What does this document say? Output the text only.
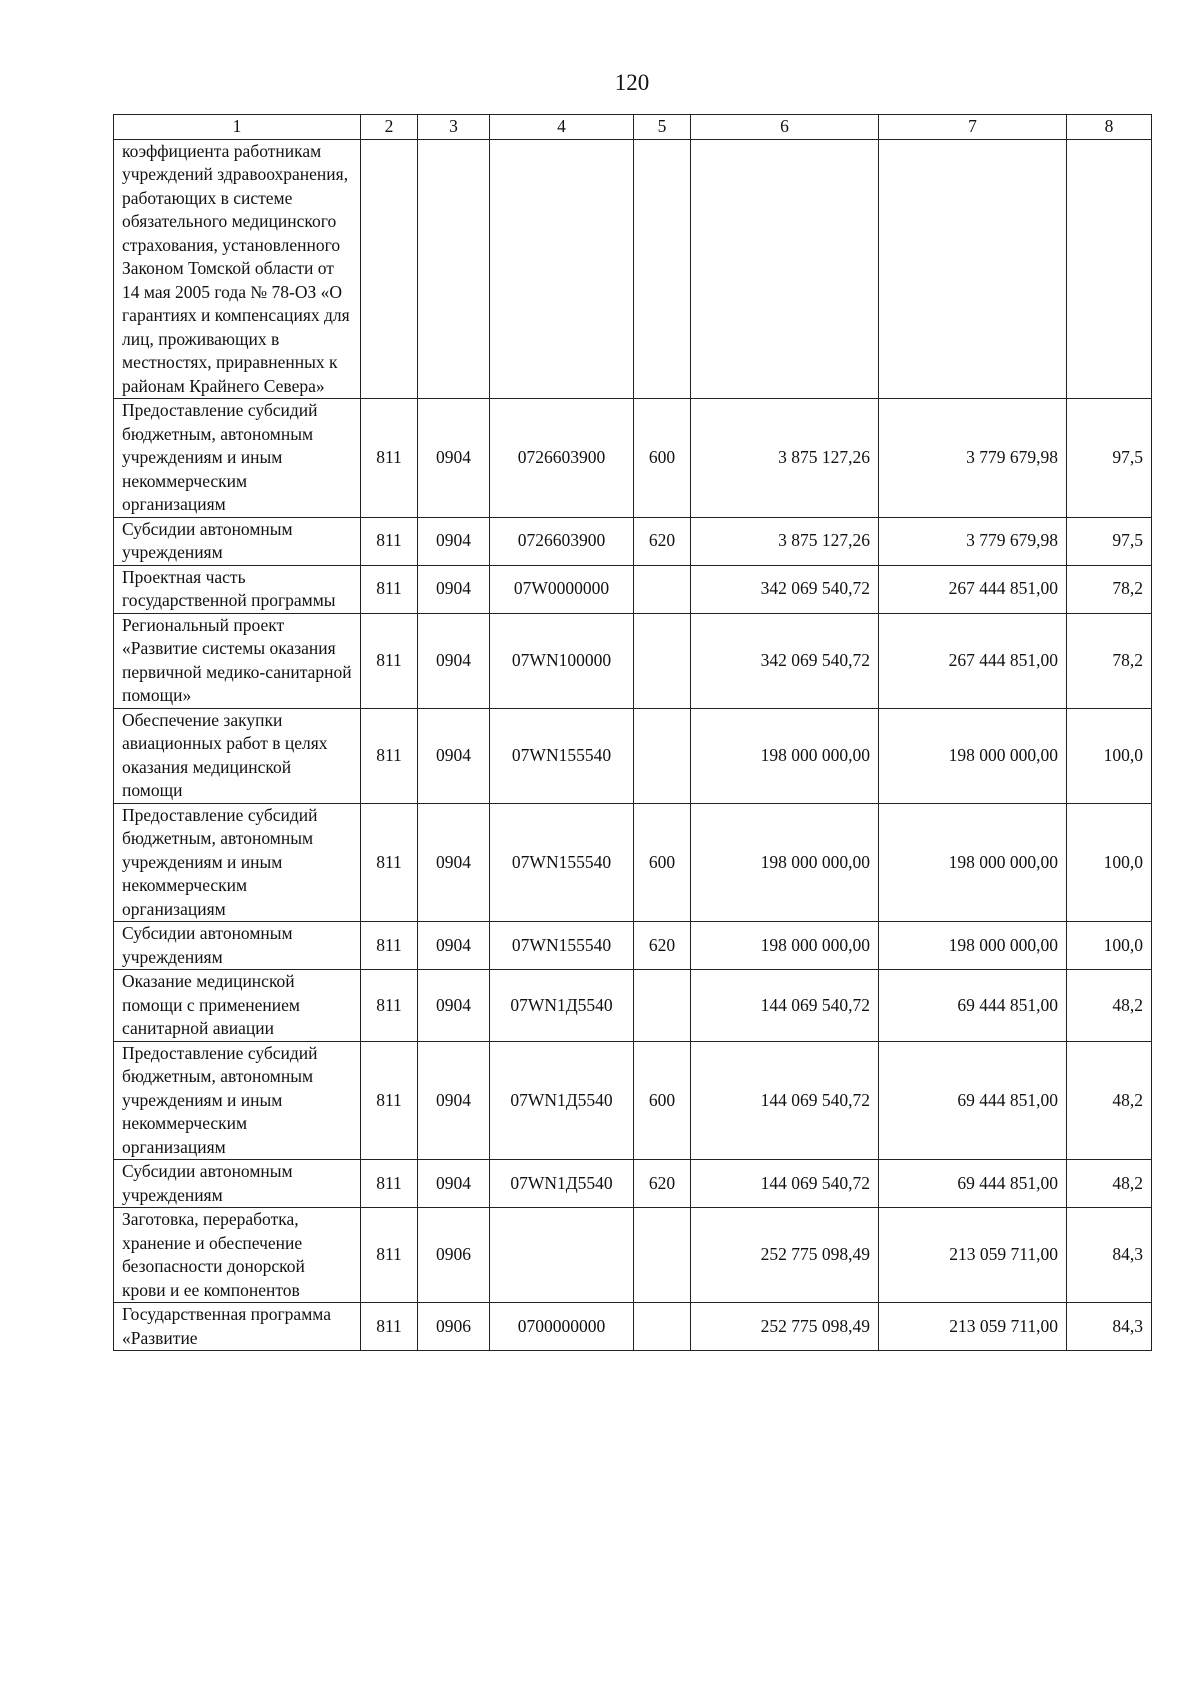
120
1	2	3	4	5	6	7	8
коэффициента работникам учреждений здравоохранения, работающих в системе обязательного медицинского страхования, установленного Законом Томской области от 14 мая 2005 года № 78-ОЗ «О гарантиях и компенсациях для лиц, проживающих в местностях, приравненных к районам Крайнего Севера»							
Предоставление субсидий бюджетным, автономным учреждениям и иным некоммерческим организациям	811	0904	0726603900	600	3 875 127,26	3 779 679,98	97,5
Субсидии автономным учреждениям	811	0904	0726603900	620	3 875 127,26	3 779 679,98	97,5
Проектная часть государственной программы	811	0904	07W0000000		342 069 540,72	267 444 851,00	78,2
Региональный проект «Развитие системы оказания первичной медико-санитарной помощи»	811	0904	07WN100000		342 069 540,72	267 444 851,00	78,2
Обеспечение закупки авиационных работ в целях оказания медицинской помощи	811	0904	07WN155540		198 000 000,00	198 000 000,00	100,0
Предоставление субсидий бюджетным, автономным учреждениям и иным некоммерческим организациям	811	0904	07WN155540	600	198 000 000,00	198 000 000,00	100,0
Субсидии автономным учреждениям	811	0904	07WN155540	620	198 000 000,00	198 000 000,00	100,0
Оказание медицинской помощи с применением санитарной авиации	811	0904	07WN1Д5540		144 069 540,72	69 444 851,00	48,2
Предоставление субсидий бюджетным, автономным учреждениям и иным некоммерческим организациям	811	0904	07WN1Д5540	600	144 069 540,72	69 444 851,00	48,2
Субсидии автономным учреждениям	811	0904	07WN1Д5540	620	144 069 540,72	69 444 851,00	48,2
Заготовка, переработка, хранение и обеспечение безопасности донорской крови и ее компонентов	811	0906			252 775 098,49	213 059 711,00	84,3
Государственная программа «Развитие	811	0906	0700000000		252 775 098,49	213 059 711,00	84,3
